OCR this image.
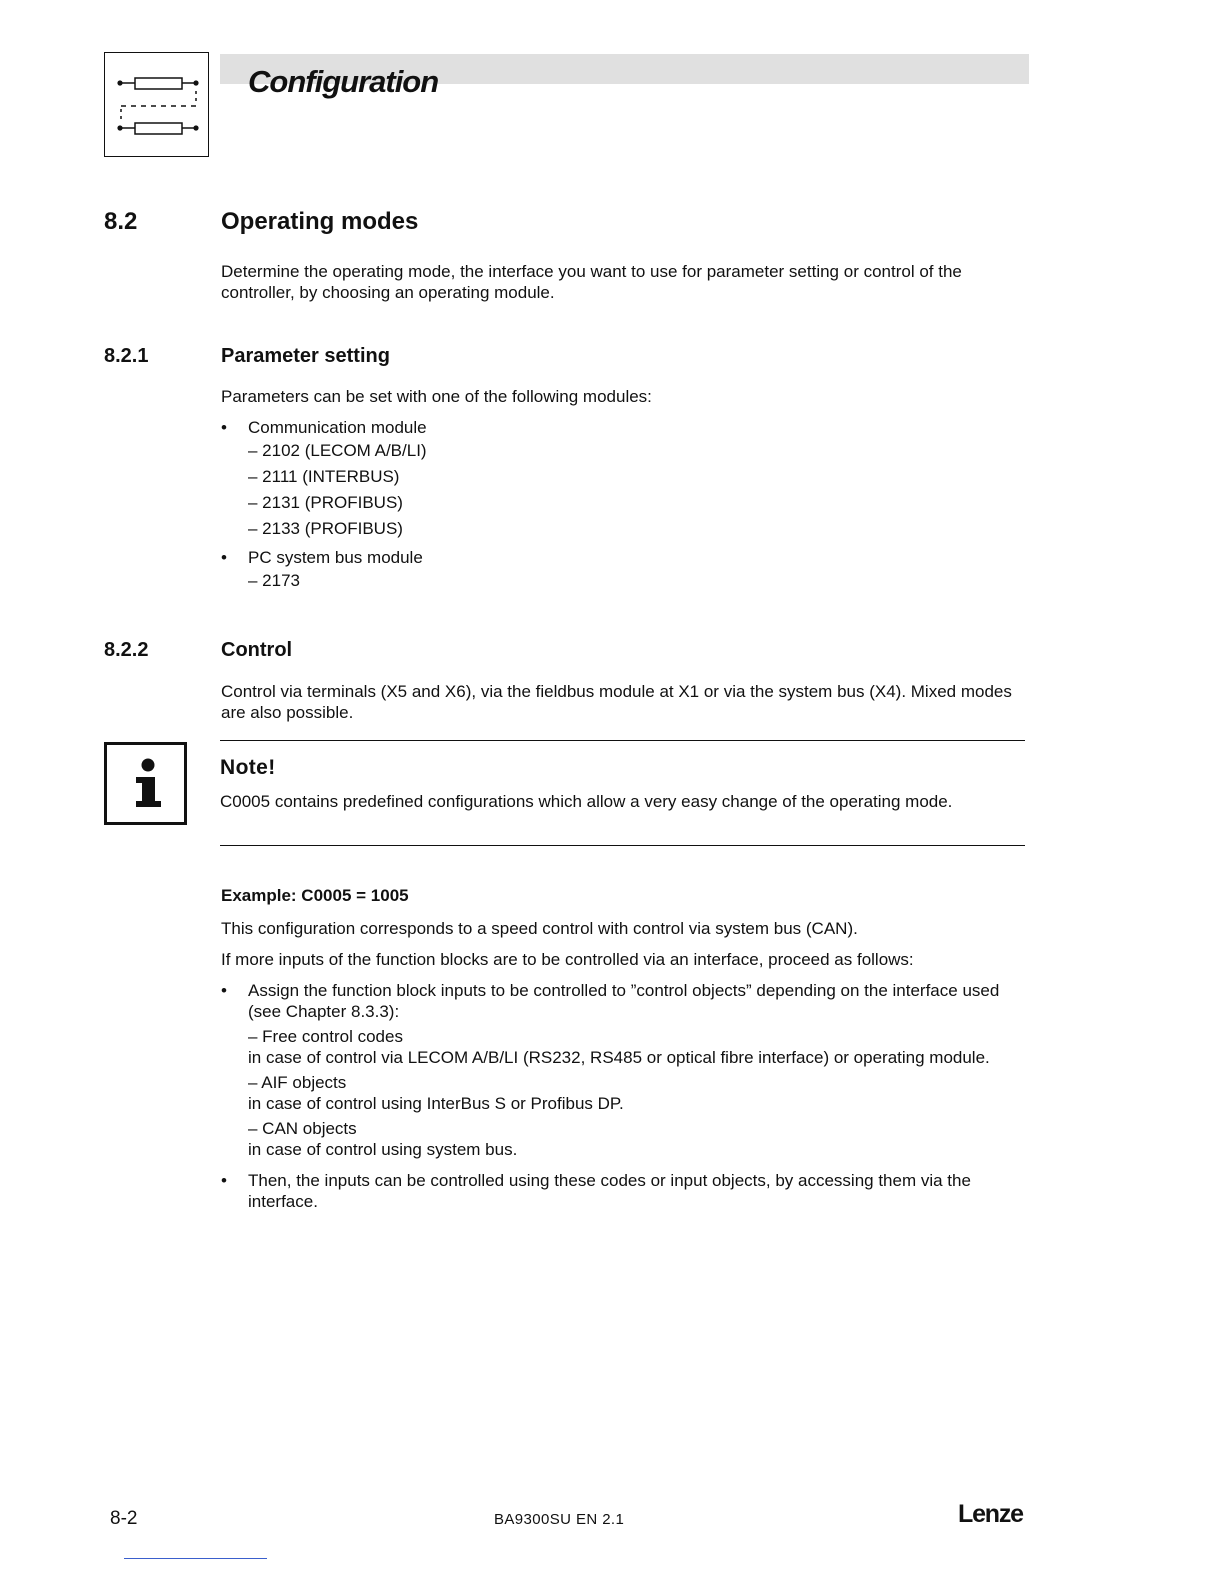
Configuration
8.2	Operating modes
Determine the operating mode, the interface you want to use for parameter setting or control of the controller, by choosing an operating module.
8.2.1	Parameter setting

Parameters can be set with one of the following modules:

• Communication module
– 2102 (LECOM A/B/LI)
– 2111 (INTERBUS)
– 2131 (PROFIBUS)
– 2133 (PROFIBUS)
• PC system bus module
– 2173
8.2.2	Control
Control via terminals (X5 and X6), via the fieldbus module at X1 or via the system bus (X4). Mixed modes are also possible.
Note!
C0005 contains predefined configurations which allow a very easy change of the operating mode.
Example: C0005 = 1005

This configuration corresponds to a speed control with control via system bus (CAN).

If more inputs of the function blocks are to be controlled via an interface, proceed as follows:

• Assign the function block inputs to be controlled to ”control objects” depending on the interface used (see Chapter 8.3.3):
– Free control codes
in case of control via LECOM A/B/LI (RS232, RS485 or optical fibre interface) or operating module.
– AIF objects
in case of control using InterBus S or Profibus DP.
– CAN objects
in case of control using system bus.
• Then, the inputs can be controlled using these codes or input objects, by accessing them via the interface.
8-2	BA9300SU EN 2.1	Lenze
